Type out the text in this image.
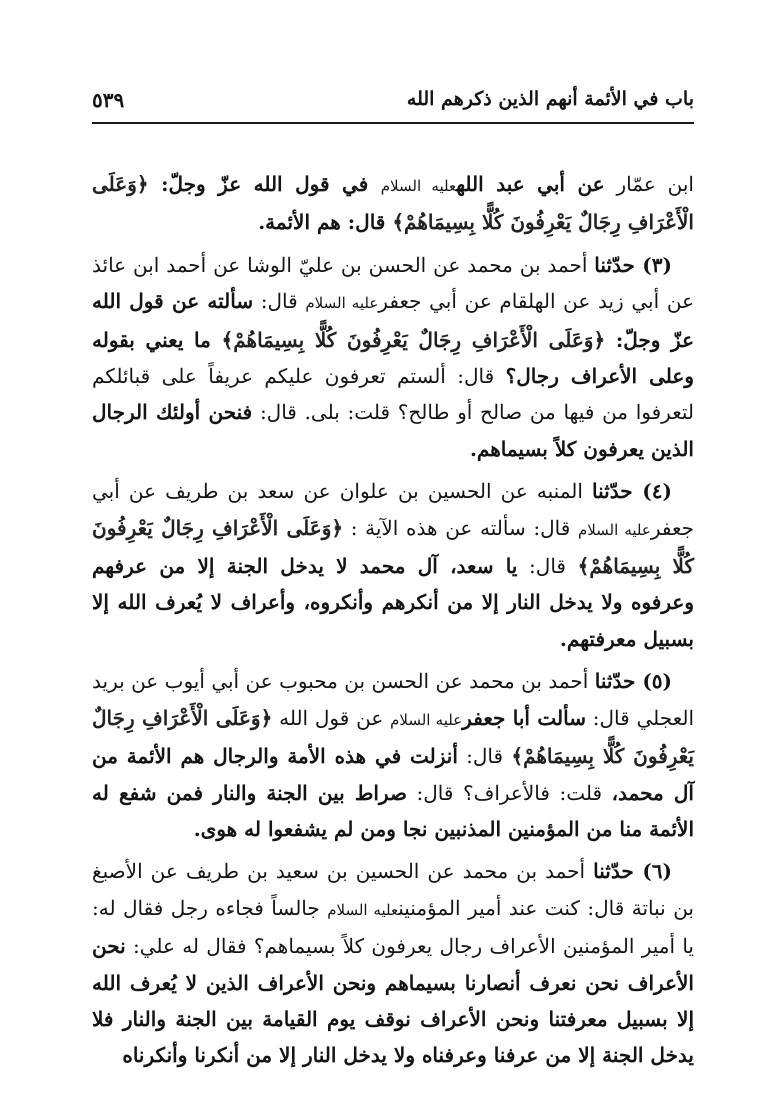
باب في الأئمة أنهم الذين ذكرهم الله
٥٣٩

ابن عمّار عن أبي عبد اللهعليه السلام في قول الله عزّ وجلّ: ﴿وَعَلَى الْأَعْرَافِ رِجَالٌ يَعْرِفُونَ كُلًّا بِسِيمَاهُمْ﴾ قال: هم الأئمة.

(٣) حدّثنا أحمد بن محمد عن الحسن بن عليّ الوشا عن أحمد ابن عائذ عن أبي زيد عن الهلقام عن أبي جعفرعليه السلام قال: سألته عن قول الله عزّ وجلّ: ﴿وَعَلَى الْأَعْرَافِ رِجَالٌ يَعْرِفُونَ كُلًّا بِسِيمَاهُمْ﴾ ما يعني بقوله وعلى الأعراف رجال؟ قال: ألستم تعرفون عليكم عريفاً على قبائلكم لتعرفوا من فيها من صالح أو طالح؟ قلت: بلى. قال: فنحن أولئك الرجال الذين يعرفون كلاً بسيماهم.

(٤) حدّثنا المنبه عن الحسين بن علوان عن سعد بن طريف عن أبي جعفرعليه السلام قال: سألته عن هذه الآية : ﴿وَعَلَى الْأَعْرَافِ رِجَالٌ يَعْرِفُونَ كُلًّا بِسِيمَاهُمْ﴾ قال: يا سعد، آل محمد لا يدخل الجنة إلا من عرفهم وعرفوه ولا يدخل النار إلا من أنكرهم وأنكروه، وأعراف لا يُعرف الله إلا بسبيل معرفتهم.

(٥) حدّثنا أحمد بن محمد عن الحسن بن محبوب عن أبي أيوب عن بريد العجلي قال: سألت أبا جعفرعليه السلام عن قول الله ﴿وَعَلَى الْأَعْرَافِ رِجَالٌ يَعْرِفُونَ كُلًّا بِسِيمَاهُمْ﴾ قال: أنزلت في هذه الأمة والرجال هم الأئمة من آل محمد، قلت: فالأعراف؟ قال: صراط بين الجنة والنار فمن شفع له الأئمة منا من المؤمنين المذنبين نجا ومن لم يشفعوا له هوى.

(٦) حدّثنا أحمد بن محمد عن الحسين بن سعيد بن طريف عن الأصبغ بن نباتة قال: كنت عند أمير المؤمنينعليه السلام جالساً فجاءه رجل فقال له: يا أمير المؤمنين الأعراف رجال يعرفون كلاً بسيماهم؟ فقال له علي: نحن الأعراف نحن نعرف أنصارنا بسيماهم ونحن الأعراف الذين لا يُعرف الله إلا بسبيل معرفتنا ونحن الأعراف نوقف يوم القيامة بين الجنة والنار فلا يدخل الجنة إلا من عرفنا وعرفناه ولا يدخل النار إلا من أنكرنا وأنكرناه
